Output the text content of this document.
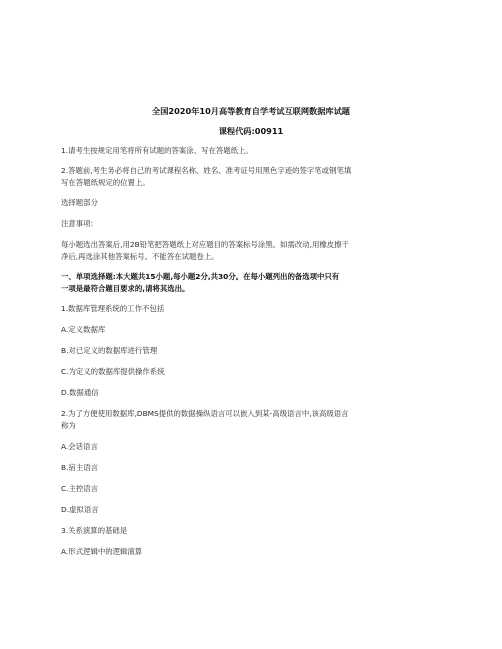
全国2020年10月高等教育自学考试互联网数据库试题
课程代码:00911
1.请考生按规定用笔将所有试题的答案涂、写在答题纸上。
2.答题前,考生务必将自己的考试课程名称、姓名、准考证号用黑色字迹的签字笔或钢笔填
写在答题纸规定的位置上。
选择题部分
注意事项:
每小题选出答案后,用2B铅笔把答题纸上对应题目的答案标号涂黑。如需改动,用橡皮擦干
净后,再选涂其他答案标号。不能答在试题卷上。
一、单项选择题:本大题共15小题,每小题2分,共30分。在每小题列出的备选项中只有
一项是最符合题目要求的,请将其选出。
1.数据库管理系统的工作不包括
A.定义数据库
B.对已定义的数据库进行管理
C.为定义的数据库提供操作系统
D.数据通信
2.为了方便使用数据库,DBMS提供的数据操纵语言可以嵌入到某-高级语言中,该高级语言
称为
A.会话语言
B.宿主语言
C.主控语言
D.虚拟语言
3.关系演算的基础是
A.形式逻辑中的逻辑演算
